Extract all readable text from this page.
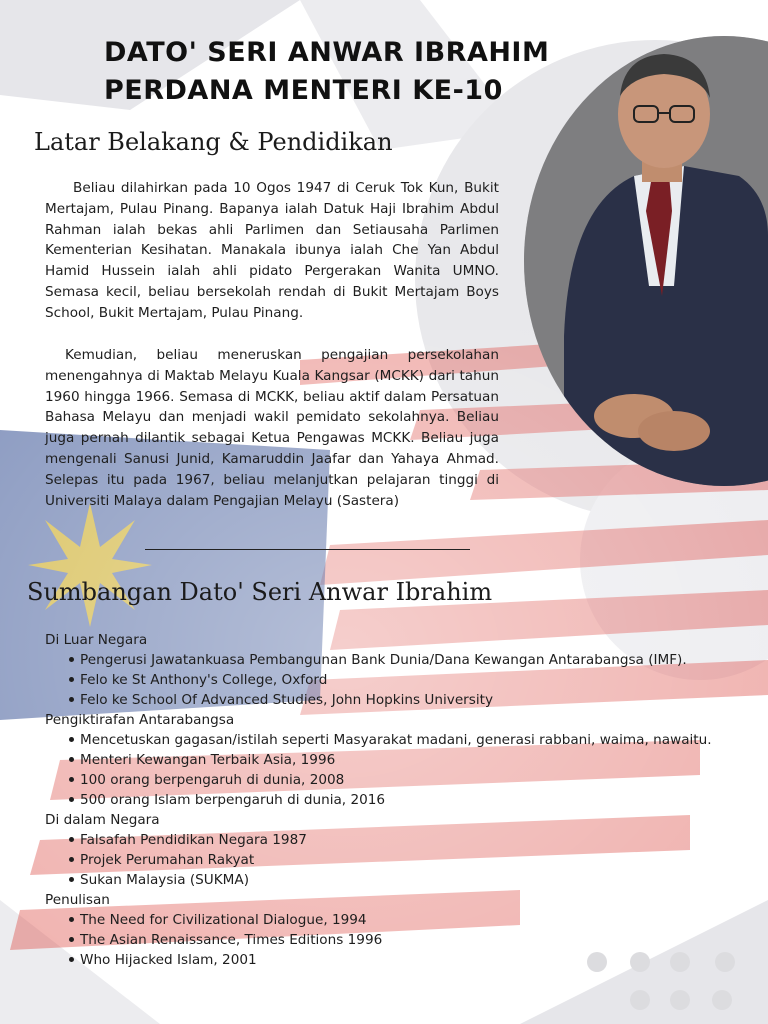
DATO' SERI ANWAR IBRAHIM
PERDANA MENTERI KE-10
Latar Belakang & Pendidikan

Beliau dilahirkan pada 10 Ogos 1947 di Ceruk Tok Kun, Bukit Mertajam, Pulau Pinang. Bapanya ialah Datuk Haji Ibrahim Abdul Rahman ialah bekas ahli Parlimen dan Setiausaha Parlimen Kementerian Kesihatan. Manakala ibunya ialah Che Yan Abdul Hamid Hussein ialah ahli pidato Pergerakan Wanita UMNO. Semasa kecil, beliau bersekolah rendah di Bukit Mertajam Boys School, Bukit Mertajam, Pulau Pinang.

Kemudian, beliau meneruskan pengajian persekolahan menengahnya di Maktab Melayu Kuala Kangsar (MCKK) dari tahun 1960 hingga 1966. Semasa di MCKK, beliau aktif dalam Persatuan Bahasa Melayu dan menjadi wakil pemidato sekolahnya. Beliau juga pernah dilantik sebagai Ketua Pengawas MCKK. Beliau juga mengenali Sanusi Junid, Kamaruddin Jaafar dan Yahaya Ahmad. Selepas itu pada 1967, beliau melanjutkan pelajaran tinggi di Universiti Malaya dalam Pengajian Melayu (Sastera)

Sumbangan Dato' Seri Anwar Ibrahim
Di Luar Negara
Pengerusi Jawatankuasa Pembangunan Bank Dunia/Dana Kewangan Antarabangsa (IMF).
Felo ke St Anthony's College, Oxford
Felo ke School Of Advanced Studies, John Hopkins University
Pengiktirafan Antarabangsa
Mencetuskan gagasan/istilah seperti Masyarakat madani, generasi rabbani, waima, nawaitu.
Menteri Kewangan Terbaik Asia, 1996
100 orang berpengaruh di dunia, 2008
500 orang Islam berpengaruh di dunia, 2016
Di dalam Negara
Falsafah Pendidikan Negara 1987
Projek Perumahan Rakyat
Sukan Malaysia (SUKMA)
Penulisan
The Need for Civilizational Dialogue, 1994
The Asian Renaissance, Times Editions 1996
Who Hijacked Islam, 2001
